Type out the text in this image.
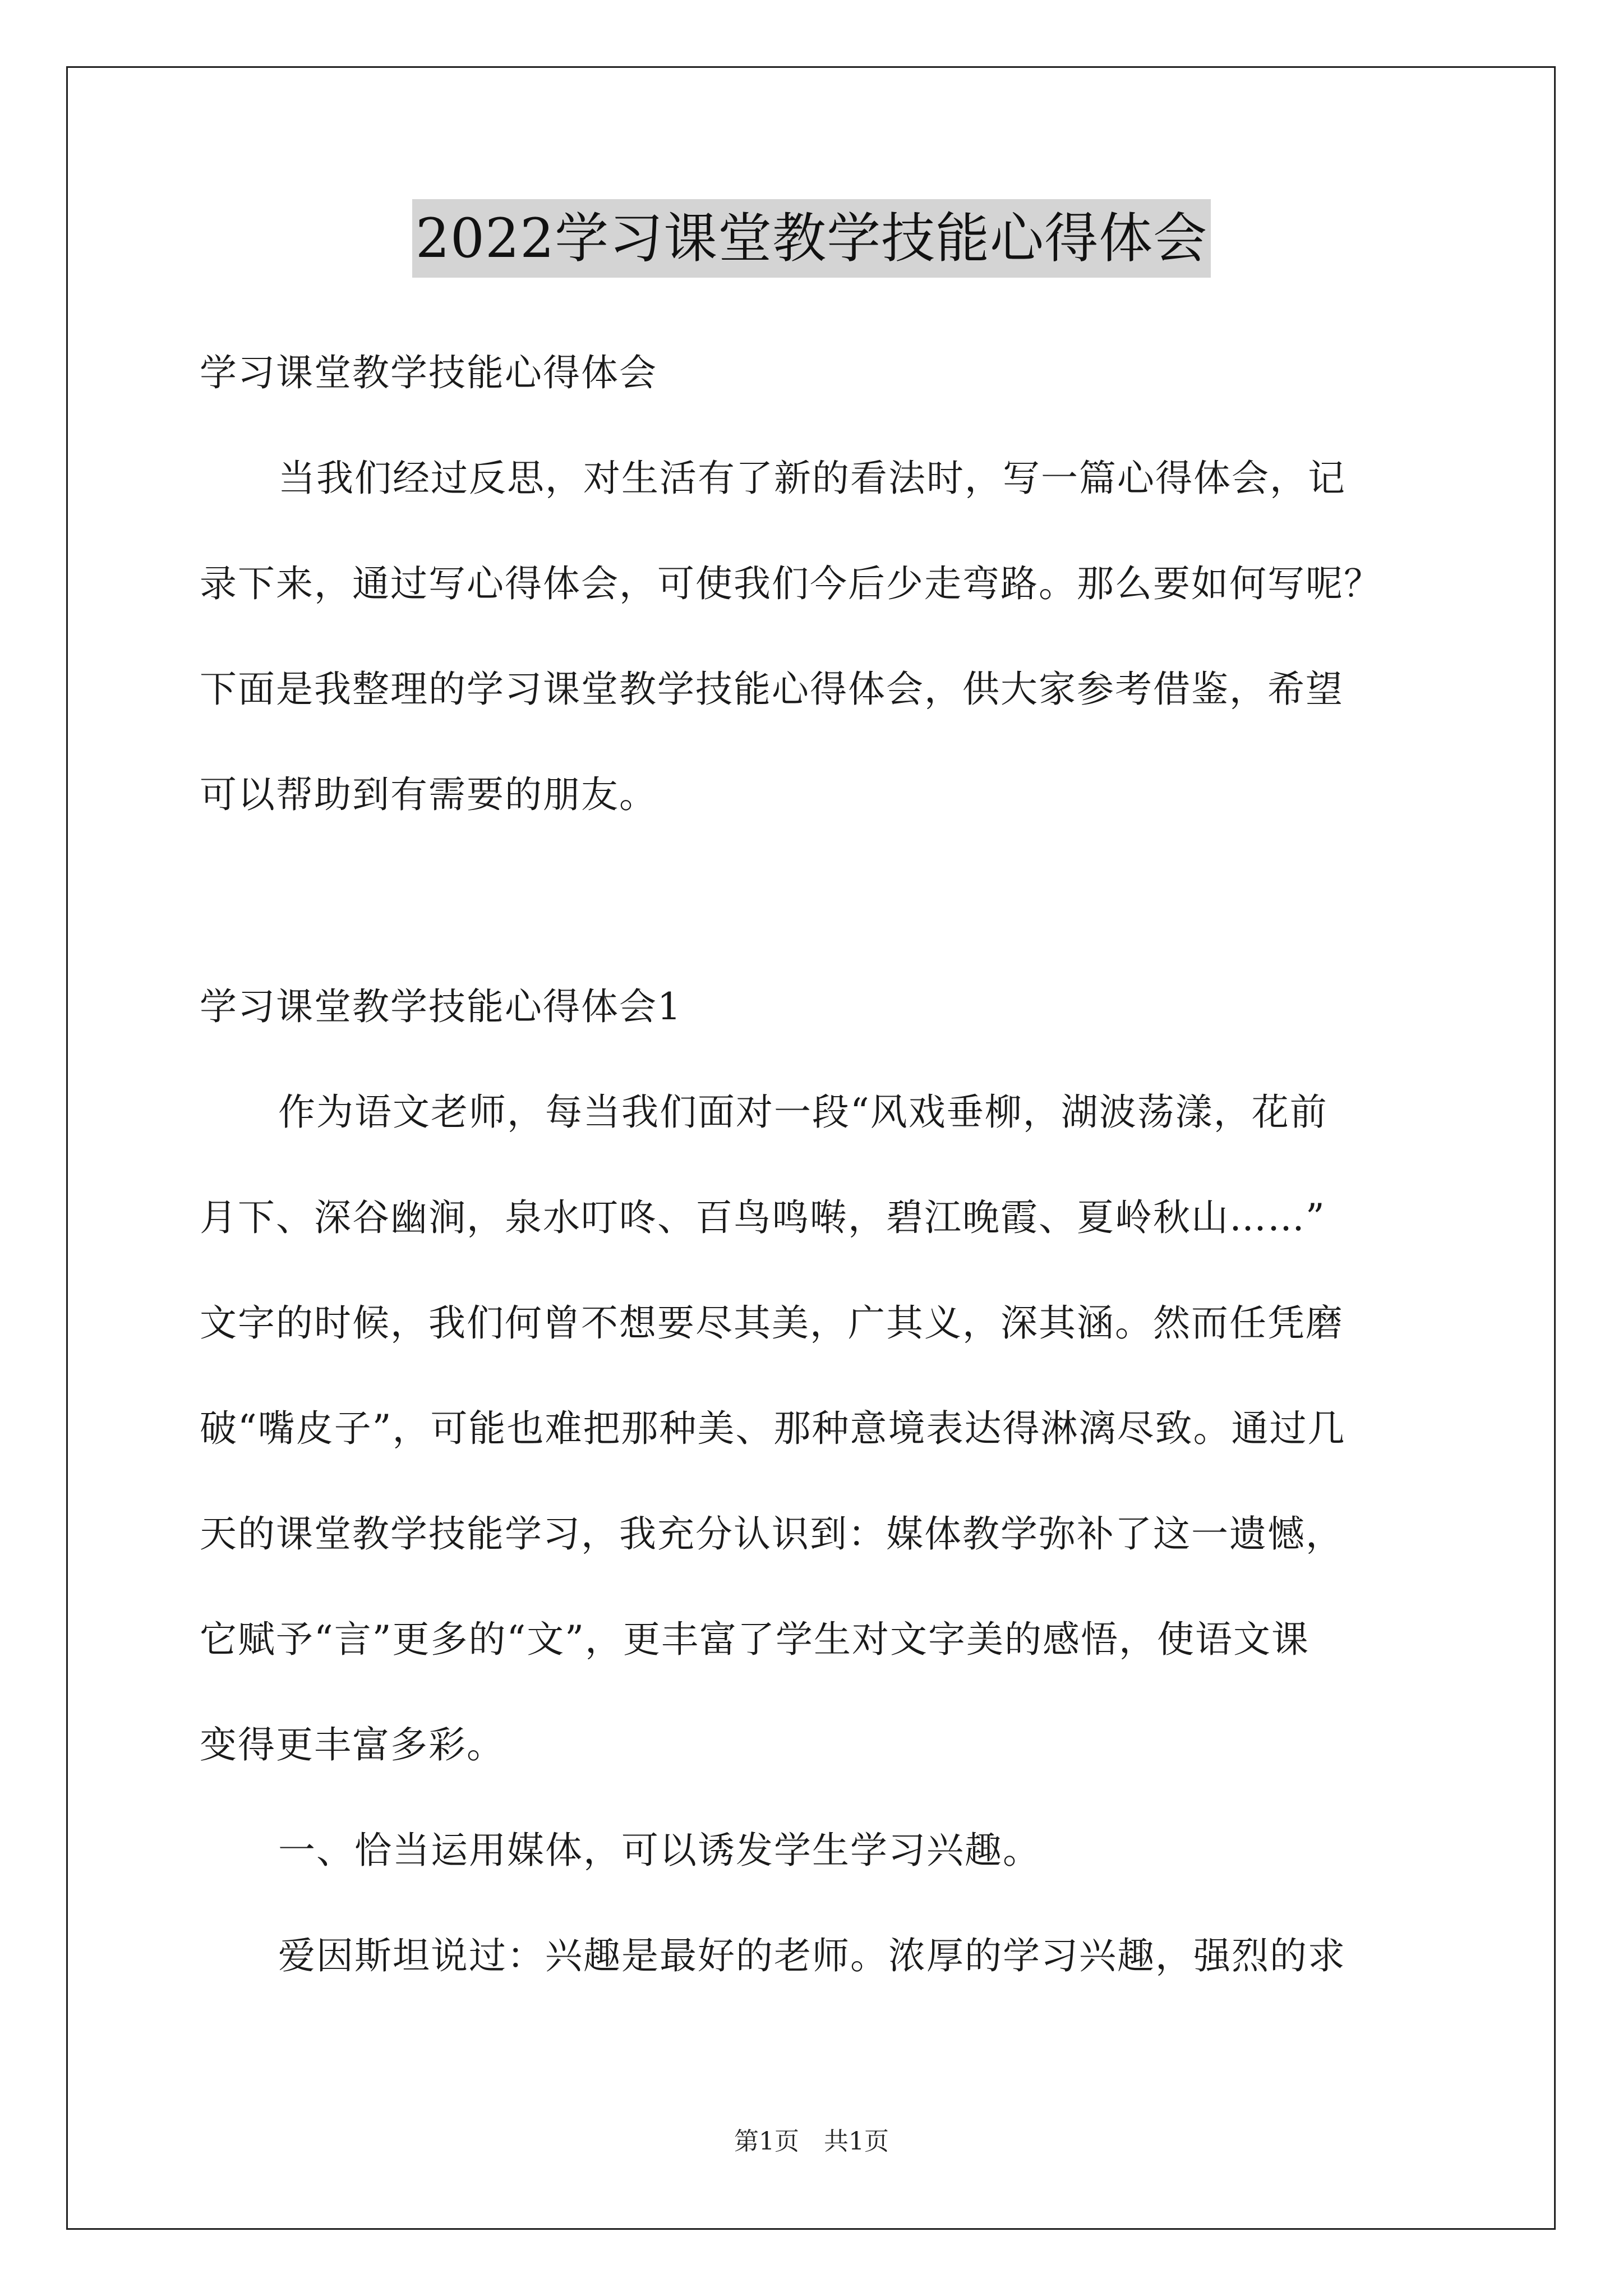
2022学习课堂教学技能心得体会
学习课堂教学技能心得体会
当我们经过反思，对生活有了新的看法时，写一篇心得体会，记
录下来，通过写心得体会，可使我们今后少走弯路。那么要如何写呢？
下面是我整理的学习课堂教学技能心得体会，供大家参考借鉴，希望
可以帮助到有需要的朋友。
学习课堂教学技能心得体会1
作为语文老师，每当我们面对一段“风戏垂柳，湖波荡漾，花前
月下、深谷幽涧，泉水叮咚、百鸟鸣啭，碧江晚霞、夏岭秋山……”
文字的时候，我们何曾不想要尽其美，广其义，深其涵。然而任凭磨
破“嘴皮子”，可能也难把那种美、那种意境表达得淋漓尽致。通过几
天的课堂教学技能学习，我充分认识到：媒体教学弥补了这一遗憾，
它赋予“言”更多的“文”，更丰富了学生对文字美的感悟，使语文课
变得更丰富多彩。
一、恰当运用媒体，可以诱发学生学习兴趣。
爱因斯坦说过：兴趣是最好的老师。浓厚的学习兴趣，强烈的求
第1页　共1页
